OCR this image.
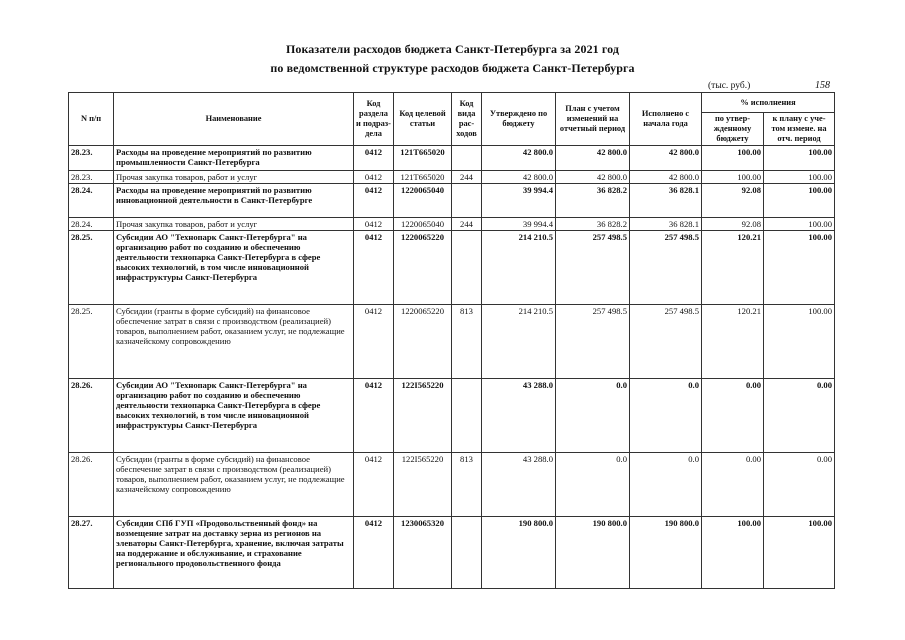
Показатели расходов бюджета Санкт-Петербурга за 2021 год
по ведомственной структуре расходов бюджета Санкт-Петербурга
(тыс. руб.)	158
N п/п	Наименование	Код раздела и подраз-дела	Код целевой статьи	Код вида рас-ходов	Утверждено по бюджету	План с учетом изменений на отчетный период	Исполнено с начала года	% исполнения	
								по утвер-жденному бюджету	к плану с уче-том измене. на отч. период
28.23.	Расходы на проведение мероприятий по развитию промышленности Санкт-Петербурга	0412	121Т665020		42 800.0	42 800.0	42 800.0	100.00	100.00
28.23.	Прочая закупка товаров, работ и услуг	0412	121Т665020	244	42 800.0	42 800.0	42 800.0	100.00	100.00
28.24.	Расходы на проведение мероприятий по развитию инновационной деятельности в Санкт-Петербурге	0412	1220065040		39 994.4	36 828.2	36 828.1	92.08	100.00
28.24.	Прочая закупка товаров, работ и услуг	0412	1220065040	244	39 994.4	36 828.2	36 828.1	92.08	100.00
28.25.	Субсидии АО "Технопарк Санкт-Петербурга" на организацию работ по созданию и обеспечению деятельности технопарка Санкт-Петербурга в сфере высоких технологий, в том числе инновационной инфраструктуры Санкт-Петербурга	0412	1220065220		214 210.5	257 498.5	257 498.5	120.21	100.00
28.25.	Субсидии (гранты в форме субсидий) на финансовое обеспечение затрат в связи с производством (реализацией) товаров, выполнением работ, оказанием услуг, не подлежащие казначейскому сопровождению	0412	1220065220	813	214 210.5	257 498.5	257 498.5	120.21	100.00
28.26.	Субсидии АО "Технопарк Санкт-Петербурга" на организацию работ по созданию и обеспечению деятельности технопарка Санкт-Петербурга в сфере высоких технологий, в том числе инновационной инфраструктуры Санкт-Петербурга	0412	122I565220		43 288.0	0.0	0.0	0.00	0.00
28.26.	Субсидии (гранты в форме субсидий) на финансовое обеспечение затрат в связи с производством (реализацией) товаров, выполнением работ, оказанием услуг, не подлежащие казначейскому сопровождению	0412	122I565220	813	43 288.0	0.0	0.0	0.00	0.00
28.27.	Субсидии СПб ГУП «Продовольственный фонд» на возмещение затрат на доставку зерна из регионов на элеваторы Санкт-Петербурга, хранение, включая затраты на поддержание и обслуживание, и страхование регионального продовольственного фонда	0412	1230065320		190 800.0	190 800.0	190 800.0	100.00	100.00
